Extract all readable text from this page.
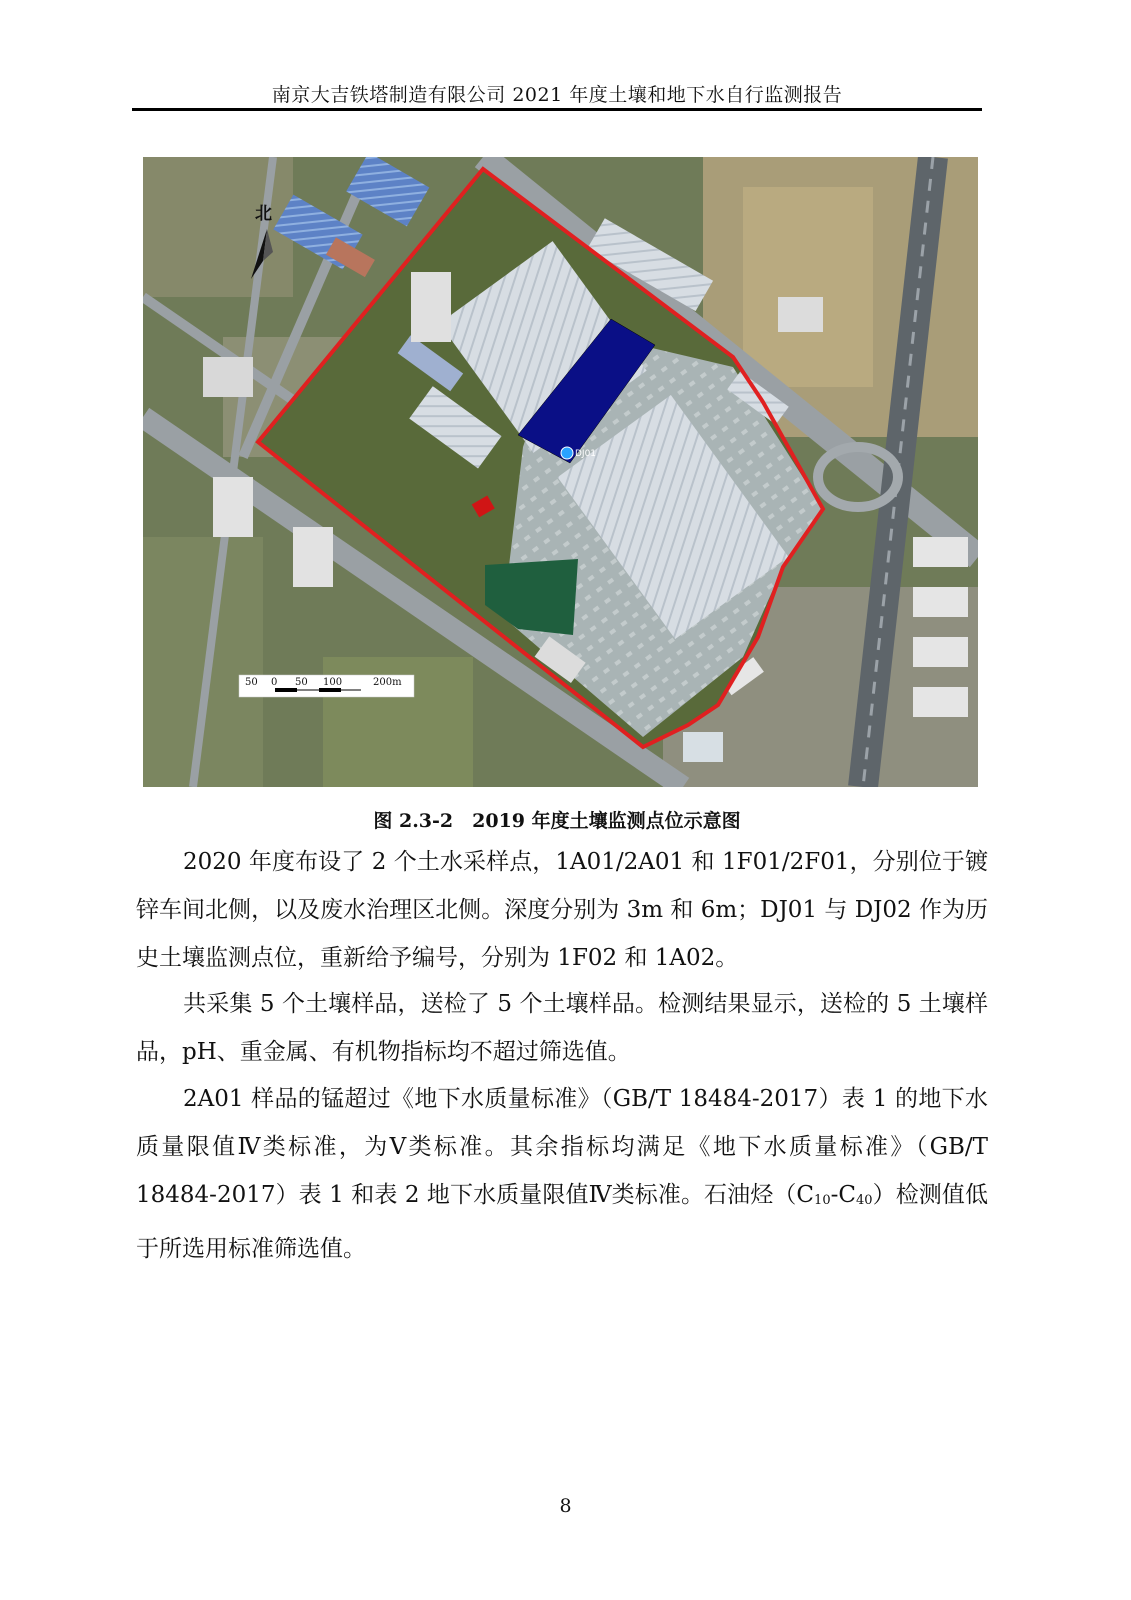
南京大吉铁塔制造有限公司 2021 年度土壤和地下水自行监测报告
DJ01
北
50 0 50 100	200m
图 2.3-2　2019 年度土壤监测点位示意图
2020 年度布设了 2 个土水采样点，1A01/2A01 和 1F01/2F01，分别位于镀锌车间北侧，以及废水治理区北侧。深度分别为 3m 和 6m；DJ01 与 DJ02 作为历史土壤监测点位，重新给予编号，分别为 1F02 和 1A02。
共采集 5 个土壤样品，送检了 5 个土壤样品。检测结果显示，送检的 5 土壤样品，pH、重金属、有机物指标均不超过筛选值。
2A01 样品的锰超过《地下水质量标准》（GB/T 18484-2017）表 1 的地下水质量限值Ⅳ类标准，为Ⅴ类标准。其余指标均满足《地下水质量标准》（GB/T 18484-2017）表 1 和表 2 地下水质量限值Ⅳ类标准。石油烃$(C_{10}-C_{40})$检测值低于所选用标准筛选值。
8
